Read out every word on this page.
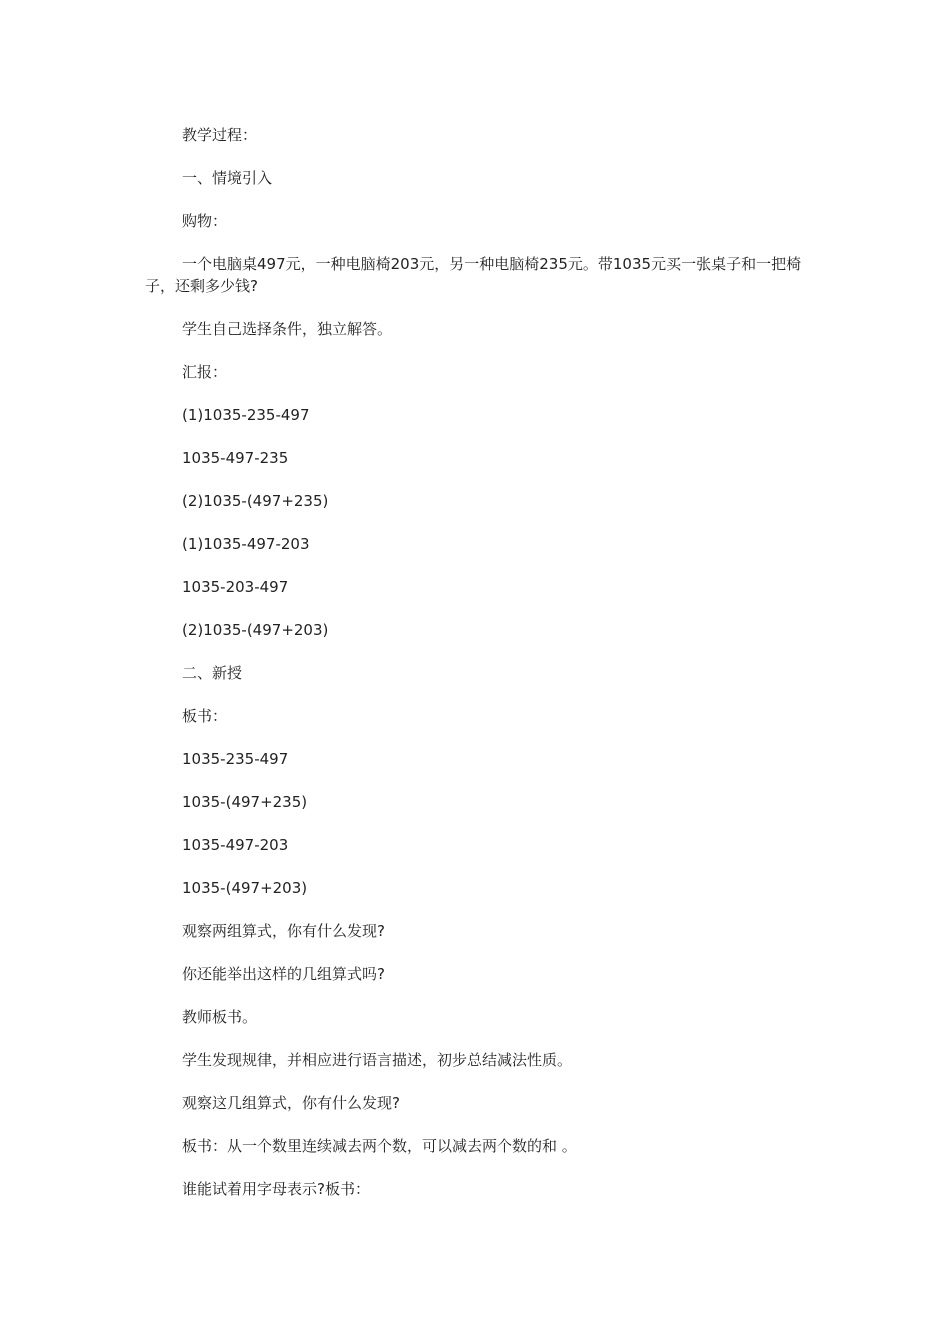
教学过程：

一、情境引入

购物：

一个电脑桌497元，一种电脑椅203元，另一种电脑椅235元。带1035元买一张桌子和一把椅子，还剩多少钱?

学生自己选择条件，独立解答。

汇报：

(1)1035-235-497

1035-497-235

(2)1035-(497+235)

(1)1035-497-203

1035-203-497

(2)1035-(497+203)

二、新授

板书：

1035-235-497

1035-(497+235)

1035-497-203

1035-(497+203)

观察两组算式，你有什么发现?

你还能举出这样的几组算式吗?

教师板书。

学生发现规律，并相应进行语言描述，初步总结减法性质。

观察这几组算式，你有什么发现?

板书：从一个数里连续减去两个数，可以减去两个数的和 。

谁能试着用字母表示?板书：
